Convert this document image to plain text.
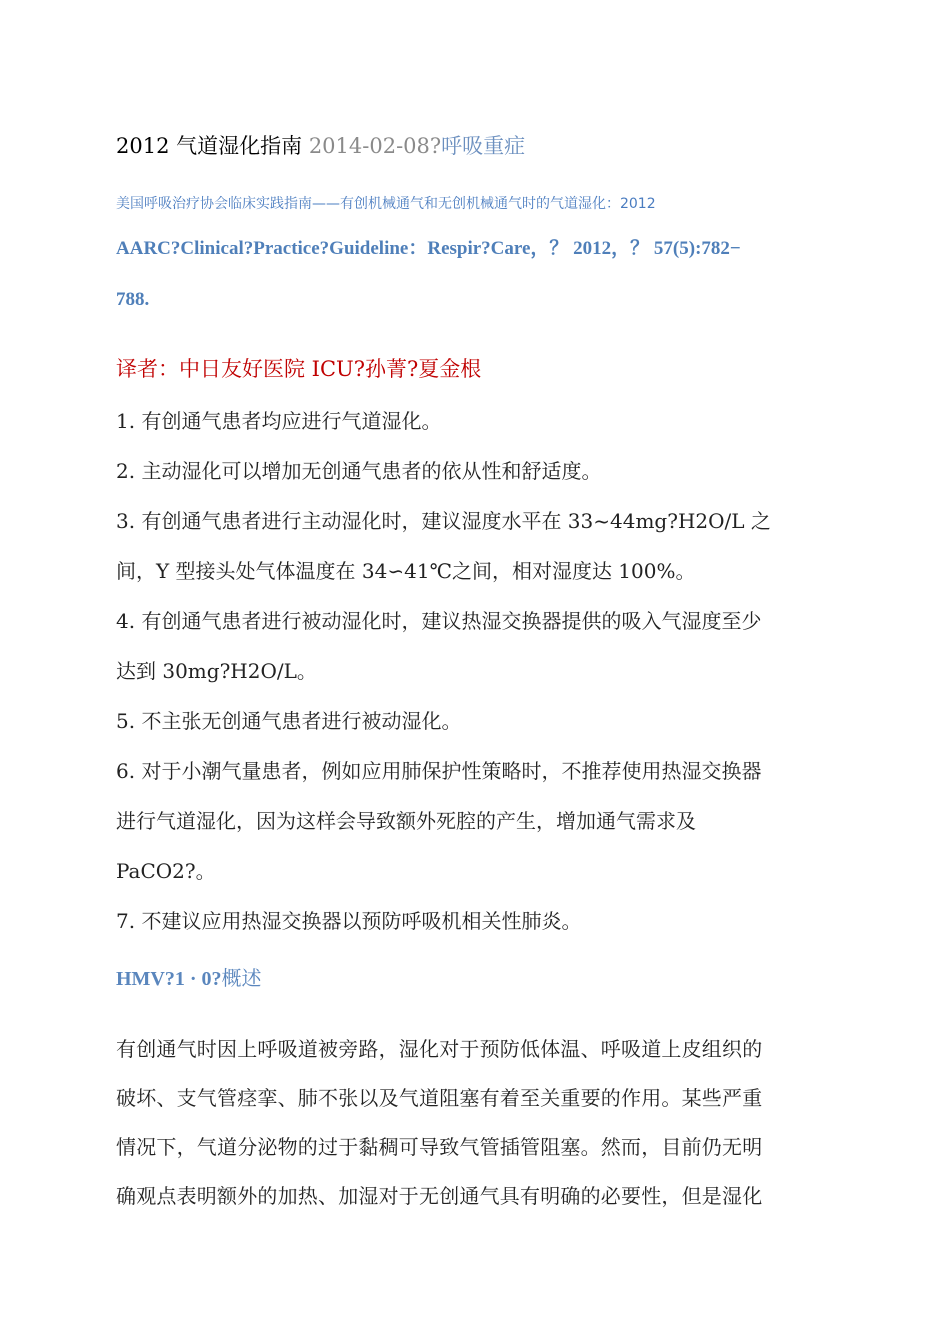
2012 气道湿化指南 2014-02-08?呼吸重症
美国呼吸治疗协会临床实践指南——有创机械通气和无创机械通气时的气道湿化：2012
AARC?Clinical?Practice?Guideline：Respir?Care，？ 2012，？ 57(5):782−
788.
译者：中日友好医院 ICU?孙菁?夏金根
1. 有创通气患者均应进行气道湿化。
2. 主动湿化可以增加无创通气患者的依从性和舒适度。
3. 有创通气患者进行主动湿化时，建议湿度水平在 33~44mg?H2O/L 之
间，Y 型接头处气体温度在 34∽41℃之间，相对湿度达 100%。
4. 有创通气患者进行被动湿化时，建议热湿交换器提供的吸入气湿度至少
达到 30mg?H2O/L。
5. 不主张无创通气患者进行被动湿化。
6. 对于小潮气量患者，例如应用肺保护性策略时，不推荐使用热湿交换器
进行气道湿化，因为这样会导致额外死腔的产生，增加通气需求及
PaCO2?。
7. 不建议应用热湿交换器以预防呼吸机相关性肺炎。
HMV?1 · 0?概述
有创通气时因上呼吸道被旁路，湿化对于预防低体温、呼吸道上皮组织的
破坏、支气管痉挛、肺不张以及气道阻塞有着至关重要的作用。某些严重
情况下，气道分泌物的过于黏稠可导致气管插管阻塞。然而，目前仍无明
确观点表明额外的加热、加湿对于无创通气具有明确的必要性，但是湿化
